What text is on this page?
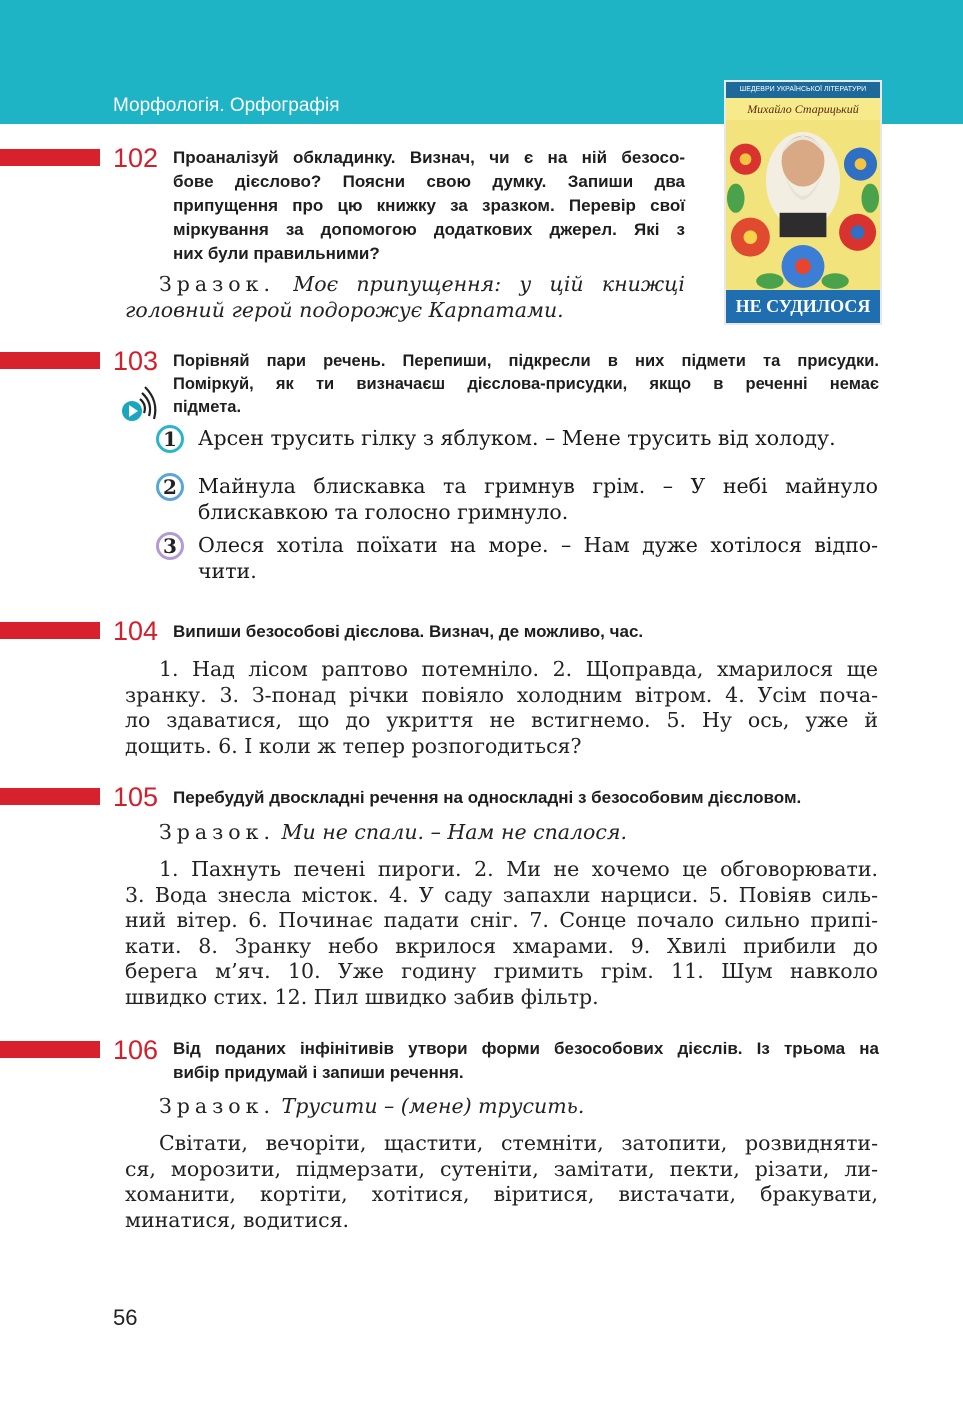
Морфологія. Орфографія
ШЕДЕВРИ УКРАЇНСЬКОЇ ЛІТЕРАТУРИ
Михайло Старицький
НЕ СУДИЛОСЯ
102 Проаналізуй обкладинку. Визнач, чи є на ній безосо-
бове дієслово? Поясни свою думку. Запиши два
припущення про цю книжку за зразком. Перевір свої
міркування за допомогою додаткових джерел. Які з
них були правильними?
Зразок. Моє припущення: у цій книжці
головний герой подорожує Карпатами.
103 Порівняй пари речень. Перепиши, підкресли в них підмети та присудки.
Поміркуй, як ти визначаєш дієслова-присудки, якщо в реченні немає
підмета.
1	Арсен трусить гілку з яблуком. – Мене трусить від холоду.
2	Майнула блискавка та гримнув грім. – У небі майнуло
блискавкою та голосно гримнуло.
3	Олеся хотіла поїхати на море. – Нам дуже хотілося відпо-
чити.
104 Випиши безособові дієслова. Визнач, де можливо, час.
1. Над лісом раптово потемніло. 2. Щоправда, хмарилося ще
зранку. 3. З-понад річки повіяло холодним вітром. 4. Усім поча-
ло здаватися, що до укриття не встигнемо. 5. Ну ось, уже й
дощить. 6. І коли ж тепер розпогодиться?
105 Перебудуй двоскладні речення на односкладні з безособовим дієсловом.
Зразок. Ми не спали. – Нам не спалося.
1. Пахнуть печені пироги. 2. Ми не хочемо це обговорювати.
3. Вода знесла місток. 4. У саду запахли нарциси. 5. Повіяв силь-
ний вітер. 6. Починає падати сніг. 7. Сонце почало сильно припі-
кати. 8. Зранку небо вкрилося хмарами. 9. Хвилі прибили до
берега м’яч. 10. Уже годину гримить грім. 11. Шум навколо
швидко стих. 12. Пил швидко забив фільтр.
106 Від поданих інфінітивів утвори форми безособових дієслів. Із трьома на
вибір придумай і запиши речення.
Зразок. Трусити – (мене) трусить.
Світати, вечоріти, щастити, стемніти, затопити, розвидняти-
ся, морозити, підмерзати, сутеніти, замітати, пекти, різати, ли-
хоманити, кортіти, хотітися, віритися, вистачати, бракувати,
минатися, водитися.
56
